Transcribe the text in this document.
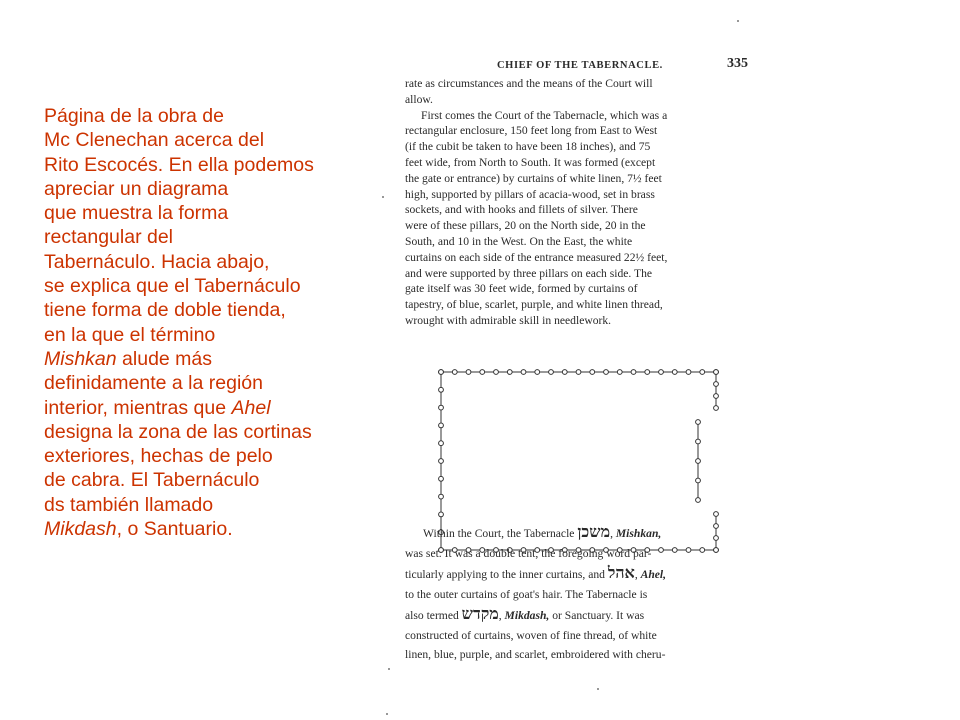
Página de la obra de
Mc Clenechan acerca del
Rito Escocés. En ella podemos
apreciar un diagrama
que muestra la forma
rectangular del
Tabernáculo. Hacia abajo,
se explica que el Tabernáculo
tiene forma de doble tienda,
en la que el término
Mishkan alude más
definidamente a la región
interior, mientras que Ahel
designa la zona de las cortinas
exteriores, hechas de pelo
de cabra. El Tabernáculo
ds también llamado
Mikdash, o Santuario.
CHIEF OF THE TABERNACLE.	335
rate as circumstances and the means of the Court will
allow.
First comes the Court of the Tabernacle, which was a
rectangular enclosure, 150 feet long from East to West
(if the cubit be taken to have been 18 inches), and 75
feet wide, from North to South. It was formed (except
the gate or entrance) by curtains of white linen, 7½ feet
high, supported by pillars of acacia-wood, set in brass
sockets, and with hooks and fillets of silver. There
were of these pillars, 20 on the North side, 20 in the
South, and 10 in the West. On the East, the white
curtains on each side of the entrance measured 22½ feet,
and were supported by three pillars on each side. The
gate itself was 30 feet wide, formed by curtains of
tapestry, of blue, scarlet, purple, and white linen thread,
wrought with admirable skill in needlework.
Within the Court, the Tabernacle משכן, Mishkan,
was set. It was a double tent, the foregoing word par-
ticularly applying to the inner curtains, and אהל, Ahel,
to the outer curtains of goat's hair. The Tabernacle is
also termed מקדש, Mikdash, or Sanctuary. It was
constructed of curtains, woven of fine thread, of white
linen, blue, purple, and scarlet, embroidered with cheru-
